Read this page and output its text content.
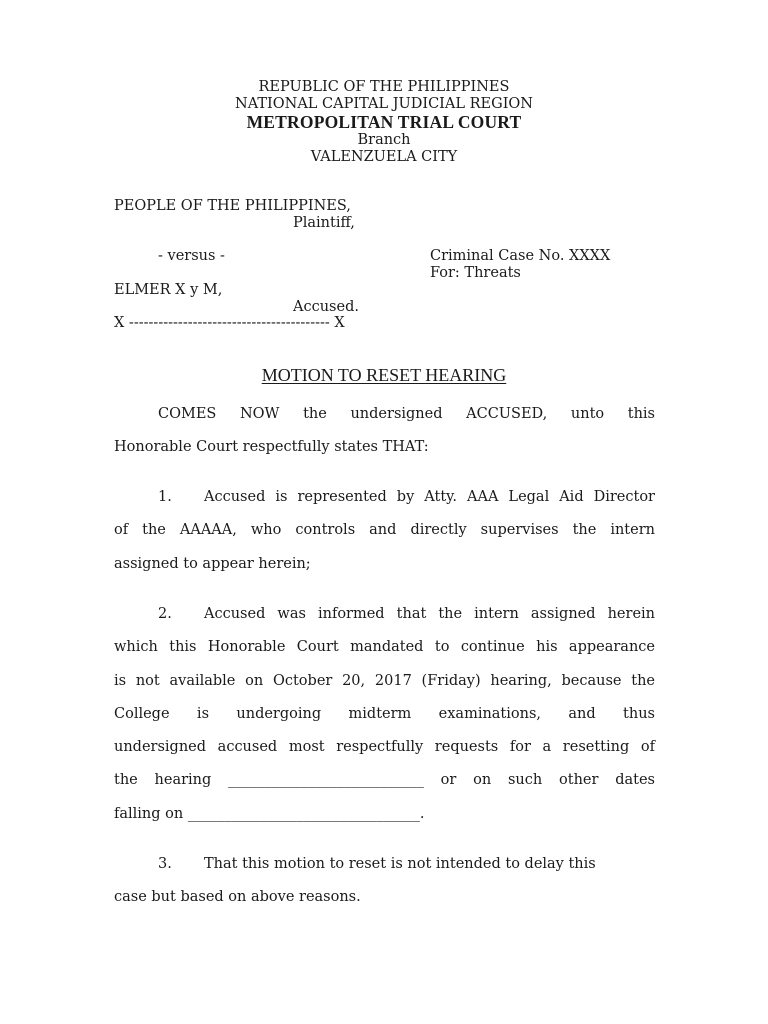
REPUBLIC OF THE PHILIPPINES
NATIONAL CAPITAL JUDICIAL REGION
METROPOLITAN TRIAL COURT
Branch
VALENZUELA CITY
PEOPLE OF THE PHILIPPINES,
Plaintiff,
- versus -	Criminal Case No. XXXX
For: Threats
ELMER X y M,
Accused.
X ----------------------------------------- X
MOTION TO RESET HEARING
COMES NOW the undersigned ACCUSED, unto this
Honorable Court respectfully states THAT:
1. Accused is represented by Atty. AAA Legal Aid Director
of the AAAAA, who controls and directly supervises the intern
assigned to appear herein;
2. Accused was informed that the intern assigned herein
which this Honorable Court mandated to continue his appearance
is not available on October 20, 2017 (Friday) hearing, because the
College is undergoing midterm examinations, and thus
undersigned accused most respectfully requests for a resetting of
the hearing ___________________________ or on such other dates
falling on ________________________________.
3. That this motion to reset is not intended to delay this
case but based on above reasons.
